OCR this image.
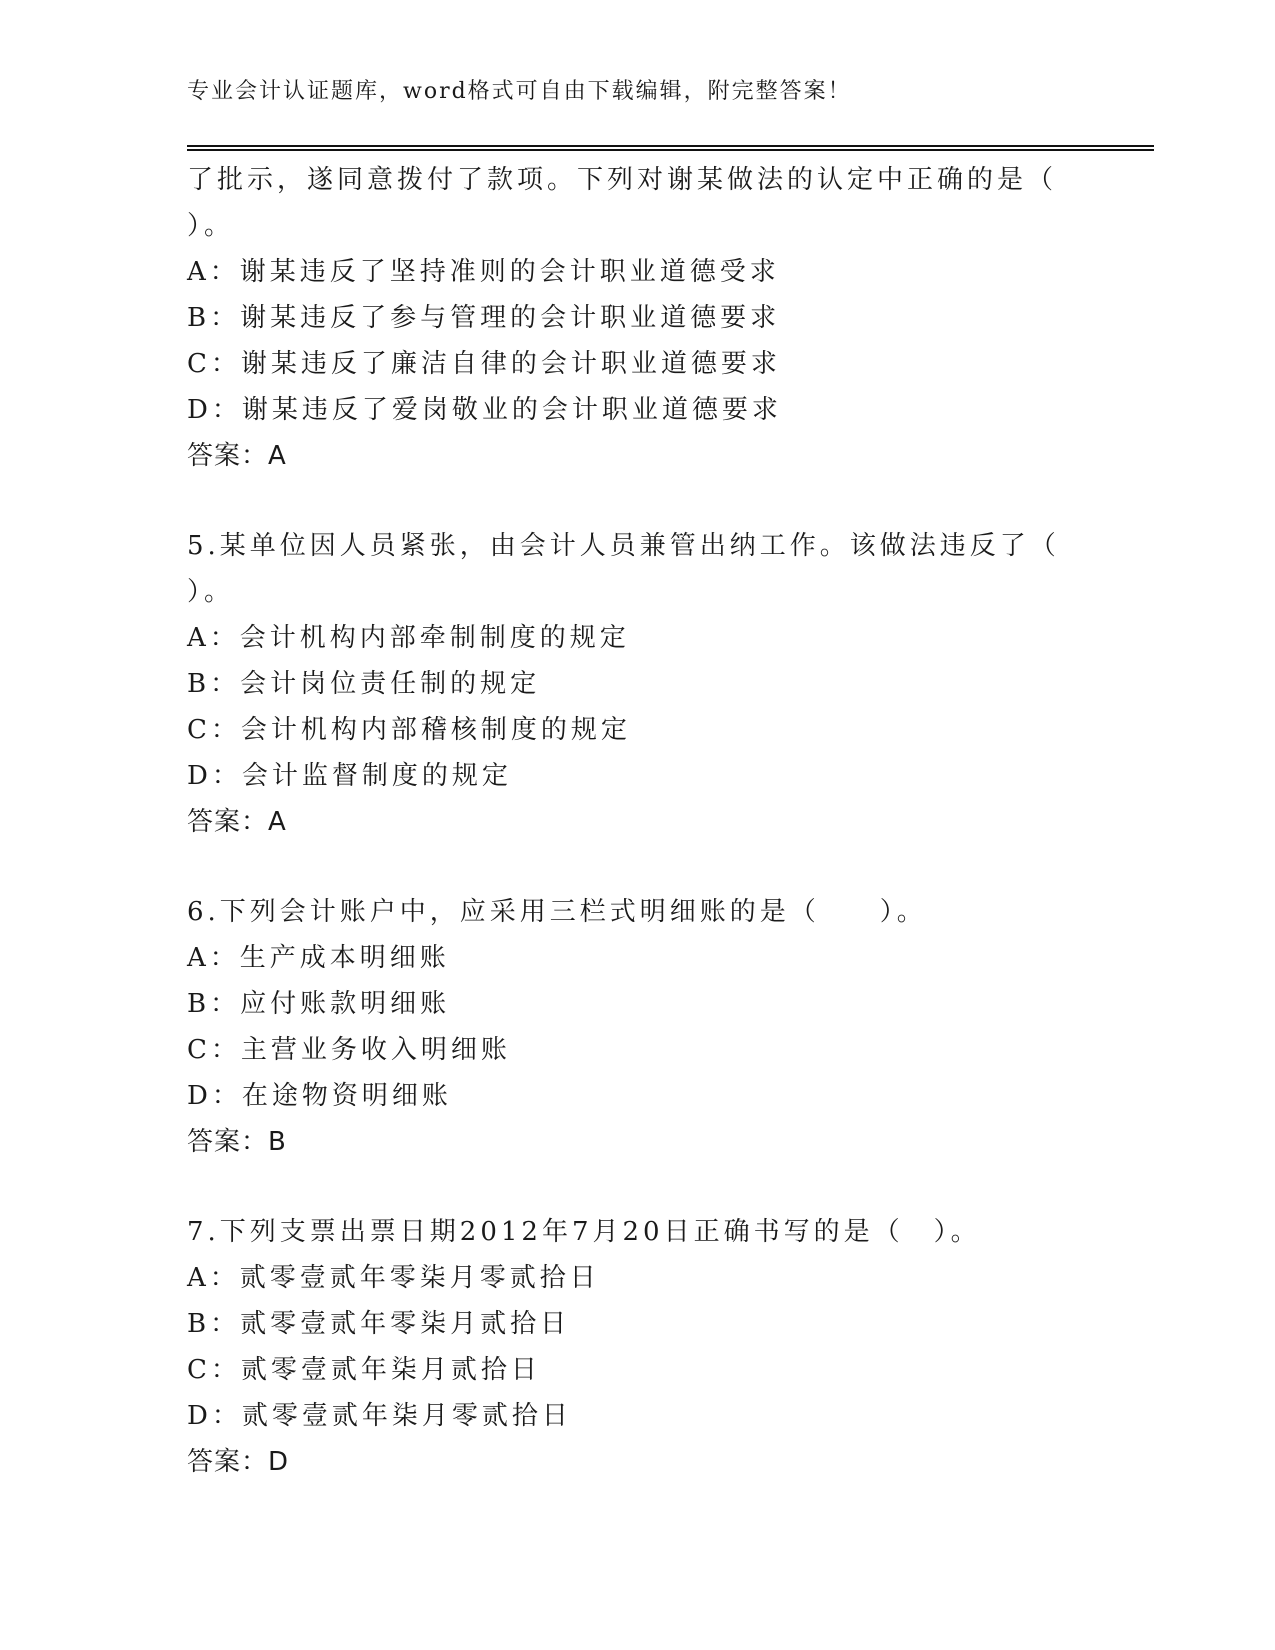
专业会计认证题库，word格式可自由下载编辑，附完整答案！
了批示，遂同意拨付了款项。下列对谢某做法的认定中正确的是（
）。
A：谢某违反了坚持准则的会计职业道德受求
B：谢某违反了参与管理的会计职业道德要求
C：谢某违反了廉洁自律的会计职业道德要求
D：谢某违反了爱岗敬业的会计职业道德要求
答案：A
5.某单位因人员紧张，由会计人员兼管出纳工作。该做法违反了（
）。
A：会计机构内部牵制制度的规定
B：会计岗位责任制的规定
C：会计机构内部稽核制度的规定
D：会计监督制度的规定
答案：A
6.下列会计账户中，应采用三栏式明细账的是（　　）。
A：生产成本明细账
B：应付账款明细账
C：主营业务收入明细账
D：在途物资明细账
答案：B
7.下列支票出票日期2012年7月20日正确书写的是（　）。
A：贰零壹贰年零柒月零贰拾日
B：贰零壹贰年零柒月贰拾日
C：贰零壹贰年柒月贰拾日
D：贰零壹贰年柒月零贰拾日
答案：D
